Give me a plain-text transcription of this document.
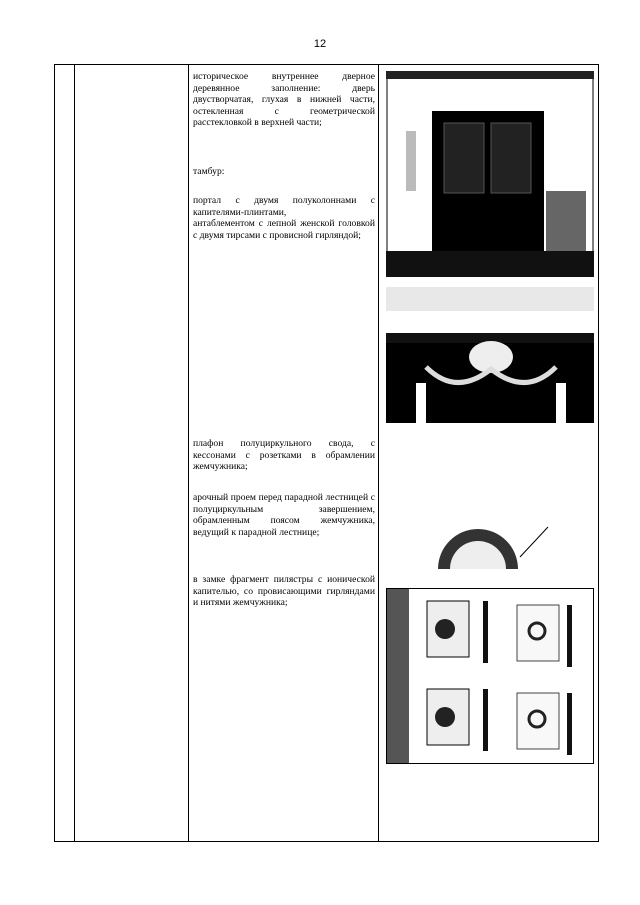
12

историческое внутреннее дверное деревянное заполнение: дверь двустворчатая, глухая в нижней части, остекленная с геометрической расстекловкой в верхней части;

тамбур:

портал с двумя полуколоннами с капителями-плинтами,
антаблементом с лепной женской головкой с двумя тирсами с провисной гирляндой;

плафон полуциркульного свода, с кессонами с розетками в обрамлении жемчужника;

арочный проем перед парадной лестницей с полуциркульным завершением, обрамленным поясом жемчужника, ведущий к парадной лестнице;

в замке фрагмент пилястры с ионической капителью, со провисающими гирляндами и нитями жемчужника;
